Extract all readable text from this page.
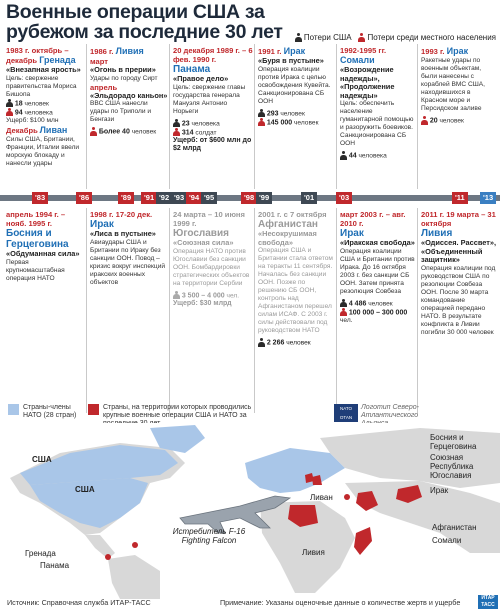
Военные операции США за рубежом за последние 30 лет	Потери США Потери среди местного населения
1983 г. октябрь – декабрь Гренада
«Внезапная ярость»
Цель: свержение правительства Мориса Бишопа
18 человек
94 человека
Ущерб: $100 млн
Декабрь Ливан
Силы США, Британии, Франции, Италии ввели морскую блокаду и нанесли удары
1986 г. Ливия
март
«Огонь в прерии»
Удары по городу Сирт
апрель
«Эльдорадо каньон»
ВВС США нанесли удары по Триполи и Бенгази
Более 40 человек
20 декабря 1989 г. – 6 фев. 1990 г.
Панама
«Правое дело»
Цель: свержение главы государства генерала Мануэля Антонио Норьеги
23 человека
314 солдат
Ущерб: от $600 млн до $2 млрд
1991 г. Ирак
«Буря в пустыне»
Операция коалиции против Ирака с целью освобождения Кувейта. Санкционирована СБ ООН
293 человек
145 000 человек
1992-1995 гг. Сомали
«Возрождение надежды»,
«Продолжение надежды»
Цель: обеспечить население гуманитарной помощью и разоружить боевиков. Санкционирована СБ ООН
44 человека
1993 г. Ирак
Ракетные удары по военным объектам, были нанесены с кораблей ВМС США, находившихся в Красном море и Персидском заливе
20 человек
'83	'86	'89	'91 '92 '93 '94 '95	'98 '99	'01	'03	'11	'13
апрель 1994 г. – нояб. 1995 г.
Босния и Герцеговина
«Обдуманная сила»
Первая крупномасштабная операция НАТО
1998 г. 17-20 дек.
Ирак
«Лиса в пустыне»
Авиаудары США и Британии по Ираку без санкции ООН. Повод – кризис вокруг инспекций иракских военных объектов
24 марта – 10 июня 1999 г.
Югославия
«Союзная сила»
Операция НАТО против Югославии без санкции ООН. Бомбардировки стратегических объектов на территории Сербии
3 500 – 4 000 чел.
Ущерб: $30 млрд
2001 г. с 7 октября
Афганистан
«Несокрушимая свобода»
Операция США и Британии стала ответом на теракты 11 сентября. Началась без санкции ООН. Позже по решению СБ ООН, контроль над Афганистаном перешел силам ИСАФ. С 2003 г. силы действовали под руководством НАТО
2 266 человек
март 2003 г. – авг. 2010 г.
Ирак
«Иракская свобода»
Операция коалиции США и Британии против Ирака. До 16 октября 2003 г. без санкции СБ ООН. Затем принята резолюция Совбеза
4 486 человек
100 000 – 300 000 чел.
2011 г. 19 марта – 31 октября
Ливия
«Одиссея. Рассвет»,
«Объединенный защитник»
Операция коалиции под руководством США по резолюции Совбеза ООН. После 30 марта командование операцией передано НАТО. В результате конфликта в Ливии погибли 30 000 человек
Страны-члены НАТО (28 стран)
Страны, на территории которых проводились крупные военные операции США и НАТО за
NATO OTAN
Логотип Северо-Атлантического
США
США
Гренада
Панама
Истребитель F-16 Fighting Falcon
Босния и Герцеговина
Союзная Республика Югославия
Ирак
Ливан
Афганистан
Сомали
Ливия
Источник: Справочная служба ИТАР-ТАСС	Примечание: Указаны оценочные данные о количестве жертв и ущербе	ИТАР ТАСС
